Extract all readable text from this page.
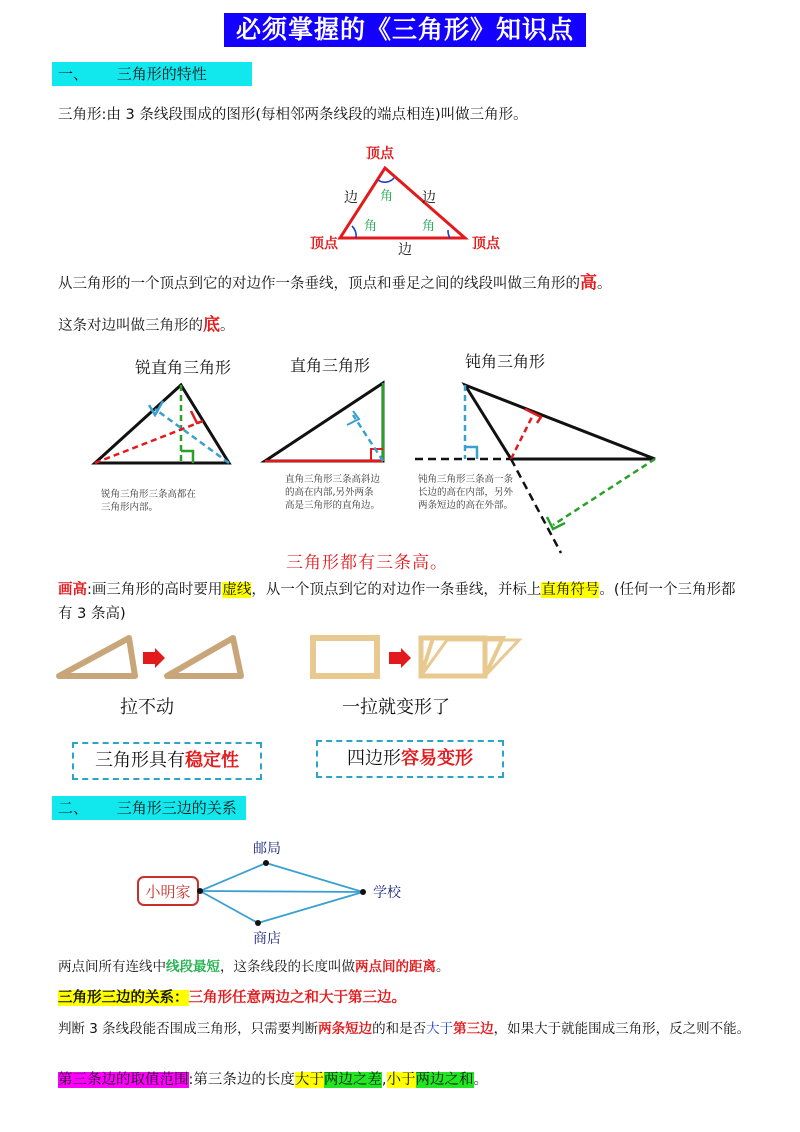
必须掌握的《三角形》知识点
一、 三角形的特性
三角形:由 3 条线段围成的图形(每相邻两条线段的端点相连)叫做三角形。
顶点
顶点	顶点
边	边
边
角
角	角
从三角形的一个顶点到它的对边作一条垂线，顶点和垂足之间的线段叫做三角形的高。
这条对边叫做三角形的底。
锐直角三角形	直角三角形	钝角三角形
锐角三角形三条高都在三角形内部。
直角三角形三条高斜边的高在内部,另外两条高是三角形的直角边。
钝角三角形三条高一条长边的高在内部，另外两条短边的高在外部。
三角形都有三条高。
画高:画三角形的高时要用虚线，从一个顶点到它的对边作一条垂线，并标上直角符号。(任何一个三角形都有 3 条高)
拉不动	一拉就变形了
三角形具有稳定性	四边形容易变形
二、 三角形三边的关系
小明家
邮局
学校
商店
两点间所有连线中线段最短，这条线段的长度叫做两点间的距离。
三角形三边的关系：三角形任意两边之和大于第三边。
判断 3 条线段能否围成三角形，只需要判断两条短边的和是否大于第三边，如果大于就能围成三角形，反之则不能。
第三条边的取值范围:第三条边的长度大于两边之差,小于两边之和。
